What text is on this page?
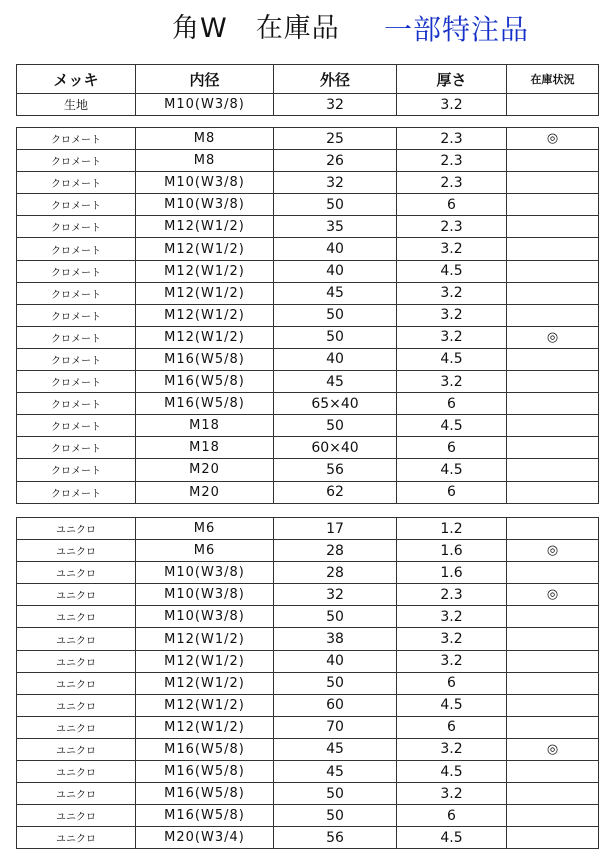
角W　在庫品 一部特注品
メッキ	内径	外径	厚さ	在庫状況
生地	M10(W3/8)	32	3.2	
クロメート	M8	25	2.3	◎
クロメート	M8	26	2.3	
クロメート	M10(W3/8)	32	2.3	
クロメート	M10(W3/8)	50	6	
クロメート	M12(W1/2)	35	2.3	
クロメート	M12(W1/2)	40	3.2	
クロメート	M12(W1/2)	40	4.5	
クロメート	M12(W1/2)	45	3.2	
クロメート	M12(W1/2)	50	3.2	
クロメート	M12(W1/2)	50	3.2	◎
クロメート	M16(W5/8)	40	4.5	
クロメート	M16(W5/8)	45	3.2	
クロメート	M16(W5/8)	65×40	6	
クロメート	M18	50	4.5	
クロメート	M18	60×40	6	
クロメート	M20	56	4.5	
クロメート	M20	62	6	
ユニクロ	M6	17	1.2	
ユニクロ	M6	28	1.6	◎
ユニクロ	M10(W3/8)	28	1.6	
ユニクロ	M10(W3/8)	32	2.3	◎
ユニクロ	M10(W3/8)	50	3.2	
ユニクロ	M12(W1/2)	38	3.2	
ユニクロ	M12(W1/2)	40	3.2	
ユニクロ	M12(W1/2)	50	6	
ユニクロ	M12(W1/2)	60	4.5	
ユニクロ	M12(W1/2)	70	6	
ユニクロ	M16(W5/8)	45	3.2	◎
ユニクロ	M16(W5/8)	45	4.5	
ユニクロ	M16(W5/8)	50	3.2	
ユニクロ	M16(W5/8)	50	6	
ユニクロ	M20(W3/4)	56	4.5	
